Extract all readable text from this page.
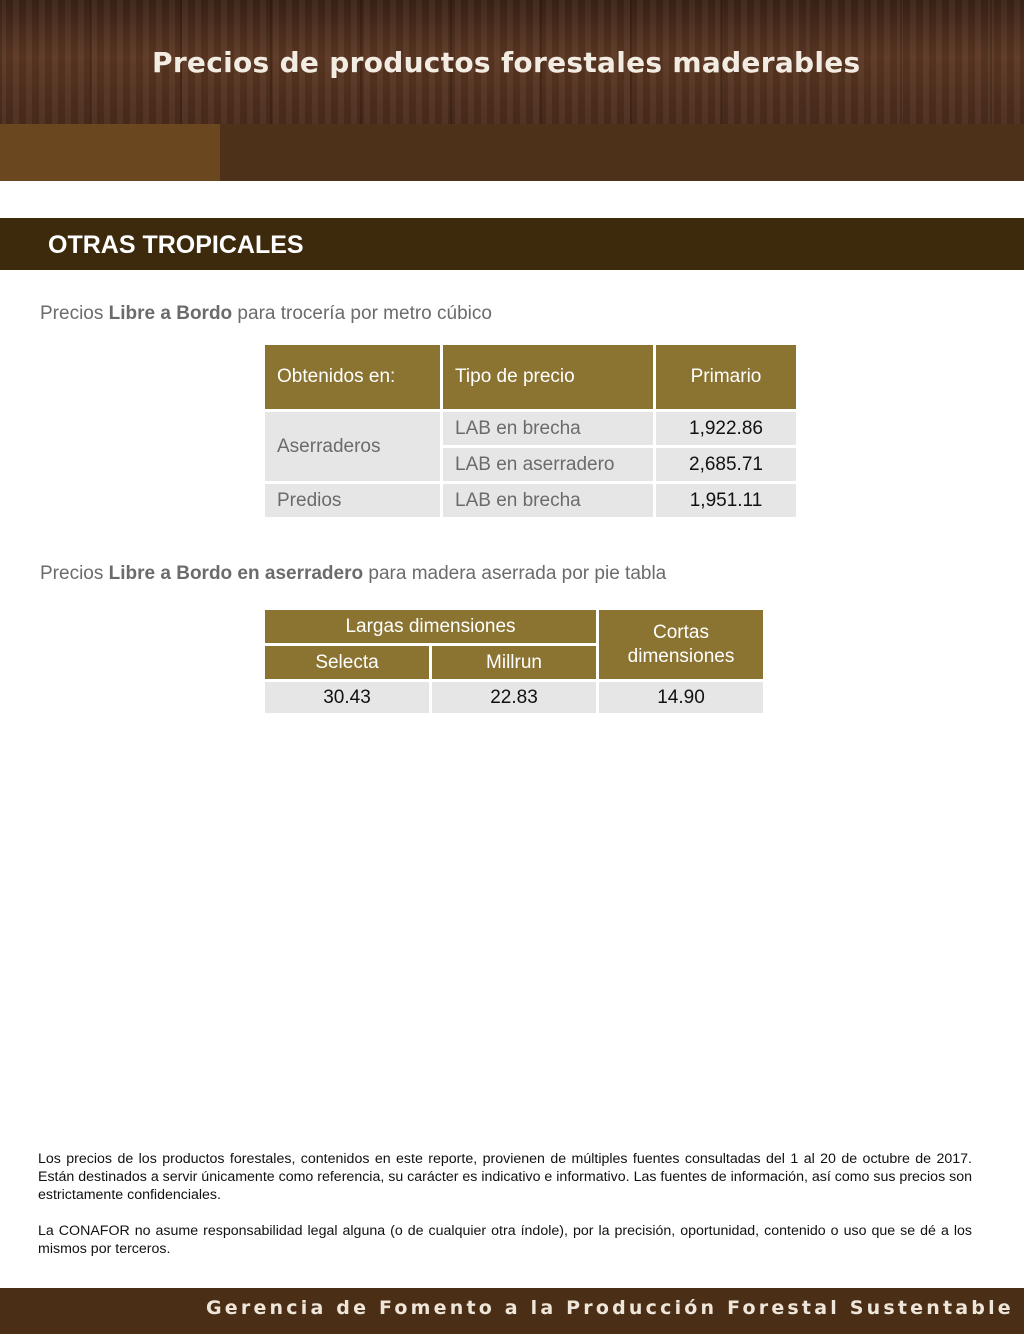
Precios de productos forestales maderables
OTRAS TROPICALES
Precios Libre a Bordo para trocería por metro cúbico
Obtenidos en:	Tipo de precio	Primario
Aserraderos	LAB en brecha	1,922.86
	LAB en aserradero	2,685.71
Predios	LAB en brecha	1,951.11
Precios Libre a Bordo en aserradero para madera aserrada por pie tabla
Largas dimensiones		Cortas dimensiones
Selecta	Millrun	
30.43	22.83	14.90

Los precios de los productos forestales, contenidos en este reporte, provienen de múltiples fuentes consultadas del 1 al 20 de octubre de 2017. Están destinados a servir únicamente como referencia, su carácter es indicativo e informativo. Las fuentes de información, así como sus precios son estrictamente confidenciales.

La CONAFOR no asume responsabilidad legal alguna (o de cualquier otra índole), por la precisión, oportunidad, contenido o uso que se dé a los mismos por terceros.

Gerencia de Fomento a la Producción Forestal Sustentable
